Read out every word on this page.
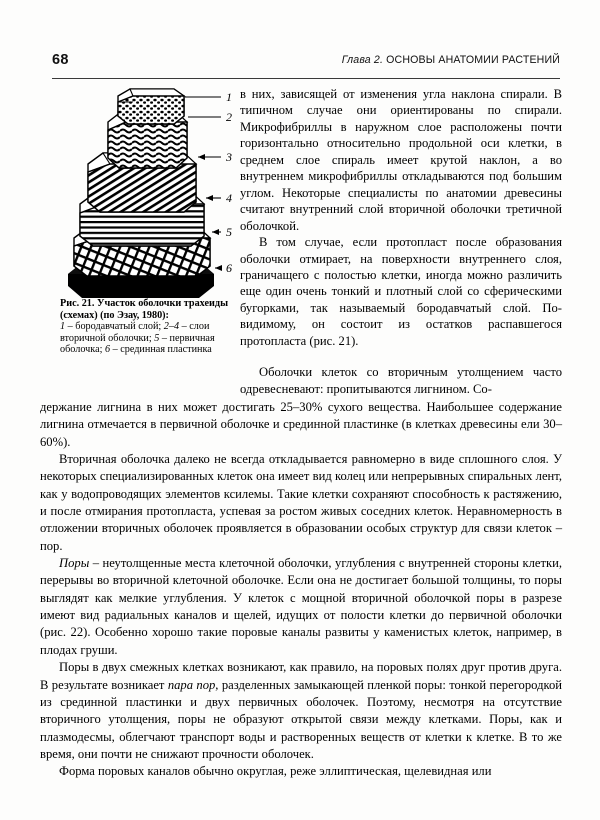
68	Глава 2. ОСНОВЫ АНАТОМИИ РАСТЕНИЙ
1
2
3
4
5
6
Рис. 21. Участок оболочки трахеиды (схемах) (по Эзау, 1980):
1 – бородавчатый слой; 2–4 – слои вторичной оболочки; 5 – первичная оболочка; 6 – срединная пластинка

в них, зависящей от изменения угла наклона спирали. В типичном случае они ориентированы по спирали. Микрофибриллы в наружном слое расположены почти горизонтально относительно продольной оси клетки, в среднем слое спираль имеет крутой наклон, а во внутреннем микрофибриллы откладываются под большим углом. Некоторые специалисты по анатомии древесины считают внутренний слой вторичной оболочки третичной оболочкой.

В том случае, если протопласт после образования оболочки отмирает, на поверхности внутреннего слоя, граничащего с полостью клетки, иногда можно различить еще один очень тонкий и плотный слой со сферическими бугорками, так называемый бородавчатый слой. По-видимому, он состоит из остатков распавшегося протопласта (рис. 21).

Оболочки клеток со вторичным утолщением часто одревесневают: пропитываются лигнином. Со-

держание лигнина в них может достигать 25–30% сухого вещества. Наибольшее содержание лигнина отмечается в первичной оболочке и срединной пластинке (в клетках древесины ели 30–60%).

Вторичная оболочка далеко не всегда откладывается равномерно в виде сплошного слоя. У некоторых специализированных клеток она имеет вид колец или непрерывных спиральных лент, как у водопроводящих элементов ксилемы. Такие клетки сохраняют способность к растяжению, и после отмирания протопласта, успевая за ростом живых соседних клеток. Неравномерность в отложении вторичных оболочек проявляется в образовании особых структур для связи клеток – пор.

Поры – неутолщенные места клеточной оболочки, углубления с внутренней стороны клетки, перерывы во вторичной клеточной оболочке. Если она не достигает большой толщины, то поры выглядят как мелкие углубления. У клеток с мощной вторичной оболочкой поры в разрезе имеют вид радиальных каналов и щелей, идущих от полости клетки до первичной оболочки (рис. 22). Особенно хорошо такие поровые каналы развиты у каменистых клеток, например, в плодах груши.

Поры в двух смежных клетках возникают, как правило, на поровых полях друг против друга. В результате возникает пара пор, разделенных замыкающей пленкой поры: тонкой перегородкой из срединной пластинки и двух первичных оболочек. Поэтому, несмотря на отсутствие вторичного утолщения, поры не образуют открытой связи между клетками. Поры, как и плазмодесмы, облегчают транспорт воды и растворенных веществ от клетки к клетке. В то же время, они почти не снижают прочности оболочек.

Форма поровых каналов обычно округлая, реже эллиптическая, щелевидная или
